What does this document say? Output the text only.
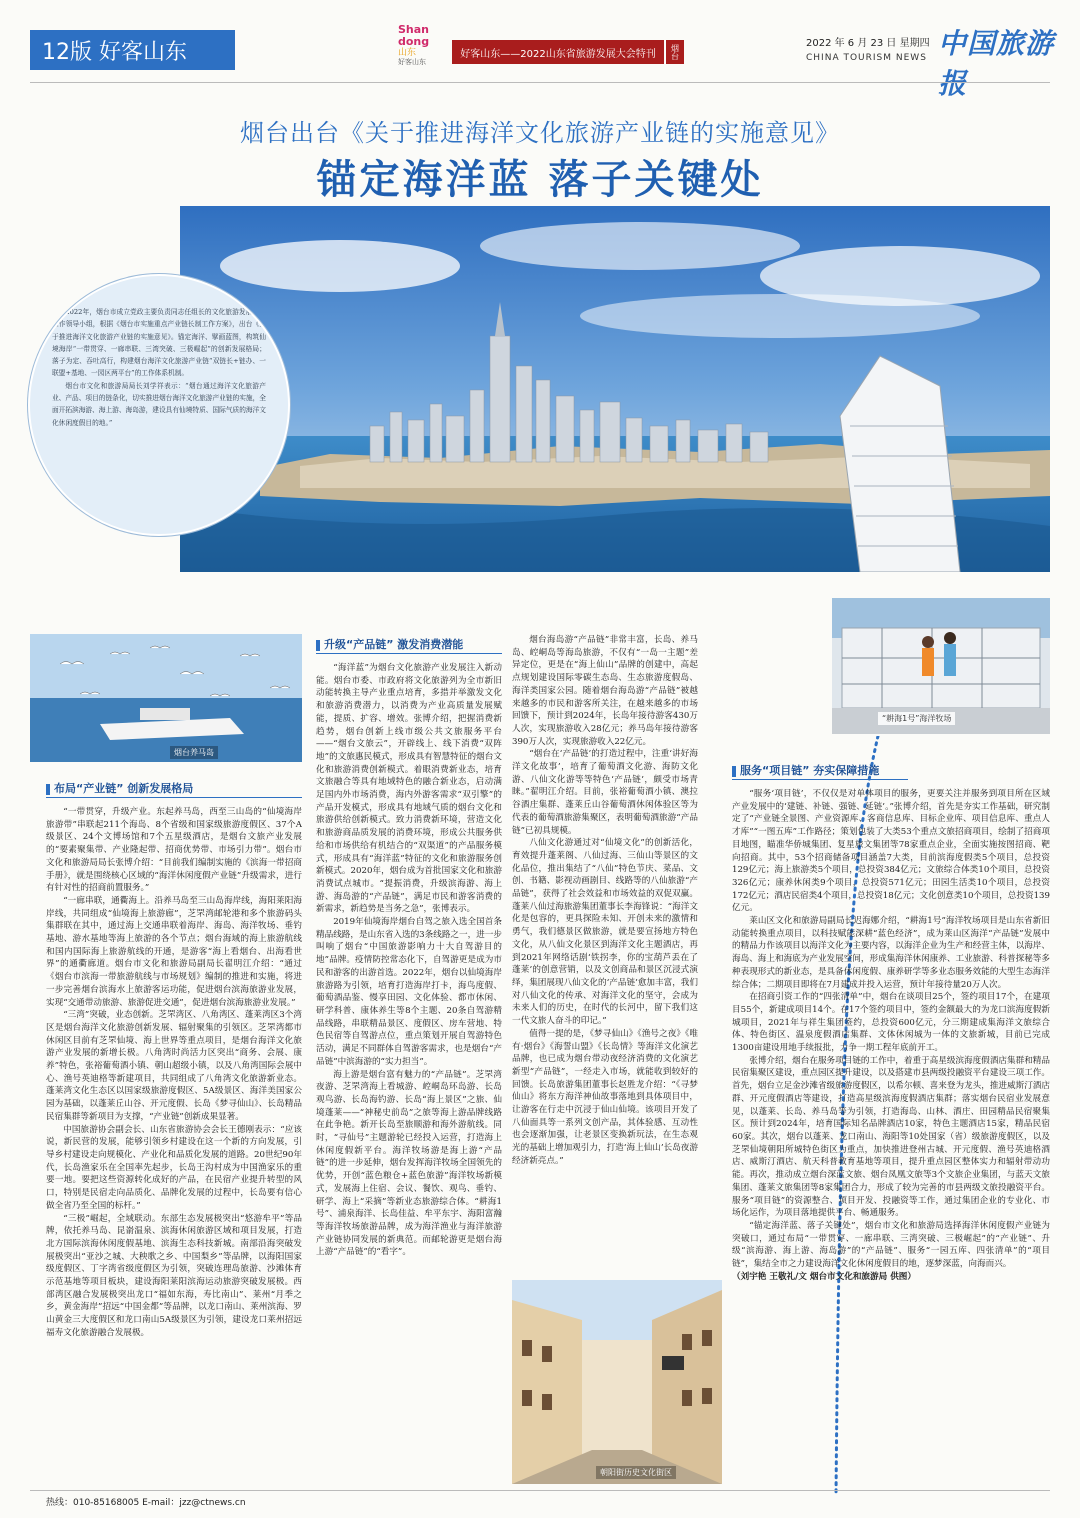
12版 好客山东
Shan
dong
山东
好客山东
好客山东——2022山东省旅游发展大会特刊	烟台
2022 年 6 月 23 日 星期四
CHINA TOURISM NEWS 中国旅游报
烟台出台《关于推进海洋文化旅游产业链的实施意见》
锚定海洋蓝 落子关键处

2022年，烟台市成立党政主要负责同志任组长的文化旅游发展推进工作领导小组，根据《烟台市实施重点产业链长制工作方案》，出台《关于推进海洋文化旅游产业链的实施意见》。锚定海洋、擘画蓝图，构筑仙境海岸“一带贯穿、一廊串联、三湾突破、三极崛起”的创新发展格局；落子为定、吞吐高行，构建烟台海洋文化旅游产业链“双链长+链办、一联盟+基地、一园区两平台”的工作体系机制。

烟台市文化和旅游局局长刘学祥表示：“烟台通过海洋文化旅游产业、产品、项目的链条化，切实推进烟台海洋文化旅游产业链的实施，全面开拓滨海游、海上游、海岛游，建设具有仙境特质、国际气质的海洋文化休闲度假目的地。”

烟台养马岛
布局“产业链” 创新发展格局

“一带贯穿，升级产业。东起养马岛，西至三山岛的“仙境海岸旅游带”串联起211个海岛、8个省级和国家级旅游度假区、37个A级景区、24个文博场馆和7个五星级酒店，是烟台文旅产业发展的“要素聚集带、产业隆起带、招商优势带、市场引力带”。烟台市文化和旅游局局长张博介绍：“目前我们编制实施的《滨海一带招商手册》，就是围绕核心区域的“海洋休闲度假产业链”升级需求，进行有针对性的招商前置服务。”

“一廊串联，通衢海上。沿养马岛至三山岛海岸线，海阳莱阳海岸线，共同组成“仙境海上旅游廊”，芝罘湾邮轮港和多个旅游码头集群联在其中，通过海上交通串联着海岸、海岛、海洋牧场、垂钓基地、游水基地等海上旅游的各个节点；烟台海域的海上旅游航线和国内国际海上旅游航线的开通，是游客“海上看烟台、出海看世界”的通衢廊道。烟台市文化和旅游局副局长翟明江介绍：“通过《烟台市滨海一带旅游航线与市场规划》编制的推进和实施，将进一步完善烟台滨海水上旅游客运功能，促进烟台滨海旅游业发展，实现“交通带动旅游、旅游促进交通”，促进烟台滨海旅游业发展。”

“三湾”突破，业态创新。芝罘湾区、八角湾区、蓬莱湾区3个湾区是烟台海洋文化旅游创新发展、辐射聚集的引领区。芝罘湾都市休闲区目前有芝罘仙境、海上世界等重点项目，是烟台海洋文化旅游产业发展的新增长极。八角湾时尚活力区突出“商务、会展、康养”特色，张裕葡萄酒小镇、朝山超级小镇，以及八角湾国际会展中心、渔号英迪格等新建项目，共同组成了八角湾文化旅游新业态。蓬莱湾文化生态区以国家级旅游度假区、5A级景区、海洋美国家公园为基础，以蓬莱丘山谷、开元度假、长岛《梦寻仙山》、长岛精品民宿集群等新项目为支撑，“产业链”创新成果显著。

中国旅游协会副会长、山东省旅游协会会长王德刚表示：“应该说，新民营的发展，能够引领乡村建设在这一个新的方向发展，引导乡村建设走向规模化、产业化和品质化发展的道路。20世纪90年代，长岛渔家乐在全国率先起步，长岛王沟村成为中国渔家乐的重要一地。要把这些资源转化成好的产品，在民宿产业提升转型的风口，特别是民宿走向品质化、品牌化发展的过程中，长岛要有信心做全省乃至全国的标杆。”

“三极”崛起，全域联动。东部生态发展极突出“悠游牟平”等品牌，依托养马岛、昆嵛温泉、滨海休闲旅游区域和项目发展，打造北方国际滨海休闲度假基地、滨海生态科技新城。南部沿海突破发展极突出“亚沙之城、大秧歌之乡、中国梨乡”等品牌，以海阳国家级度假区、丁字湾省级度假区为引领，突破连理岛旅游、沙滩体育示范基地等项目板块，建设海阳莱阳滨海运动旅游突破发展极。西部湾区融合发展极突出龙口“福如东海，寿比南山”、莱州“月季之乡，黄金海岸”招远“中国金都”等品牌，以龙口南山、莱州滨海、罗山黄金三大度假区和龙口南山5A级景区为引领，建设龙口莱州招远福寿文化旅游融合发展极。

升级“产品链” 激发消费潜能

“海洋蓝”为烟台文化旅游产业发展注入新动能。烟台市委、市政府将文化旅游列为全市新旧动能转换主导产业重点培育，多措并举激发文化和旅游消费潜力，以消费为产业高质量发展赋能，提质、扩容、增效。张博介绍，把握消费新趋势，烟台创新上线市级公共文旅服务平台——“烟台文旅云”，开辟线上、线下消费“双阵地”的文旅惠民模式，形成具有智慧特征的烟台文化和旅游消费创新模式。着眼消费新业态，培育文旅融合等具有地域特色的融合新业态，启动满足国内外市场消费，海内外游客需求“双引擎”的产品开发模式，形成具有地域气质的烟台文化和旅游供给创新模式。致力消费新环境，营造文化和旅游商品质发展的消费环境，形成公共服务供给和市场供给有机结合的“双渠道”的产品服务模式，形成具有“海洋蓝”特征的文化和旅游服务创新模式。2020年，烟台成为首批国家文化和旅游消费试点城市。“提振消费，升级滨海游、海上游、海岛游的“产品链”，满足市民和游客消费的新需求，新趋势是当务之急”，张博表示。

2019年仙境海岸烟台自驾之旅入选全国首条精品线路，是山东省入选的3条线路之一，进一步叫响了烟台“中国旅游影响力十大自驾游目的地”品牌。疫情防控常态化下，自驾游更是成为市民和游客的出游首选。2022年，烟台以仙境海岸旅游路为引领，培育打造海岸打卡，海鸟度假、葡萄酒品鉴、慢享田园、文化体验、都市休闲、研学科普、康体养生等8个主题、20条自驾游精品线路，串联精品景区、度假区、房车营地、特色民宿等自驾游点位，重点策划开展自驾游特色活动，满足不同群体自驾游客需求，也是烟台“产品链”中滨海游的“实力担当”。

海上游是烟台富有魅力的“产品链”。芝罘湾夜游、芝罘湾海上看城游、崆峒岛环岛游、长岛观鸟游、长岛海钓游、长岛“海上景区”之旅、仙境蓬莱——“神秘史前岛”之旅等海上游品牌线路在此争艳。新开长岛至旅顺游和海外游航线。同时，“寻仙号”主题游轮已经投入运营，打造海上休闲度假新平台。海洋牧场游是海上游“产品链”的进一步延伸，烟台发挥海洋牧场全国领先的优势，开创“蓝色粮仓+蓝色旅游”海洋牧场新模式，发展海上住宿、会议、餐饮、观鸟、垂钓、研学、海上“采摘”等新业态旅游综合体。“耕海1号”、浦泉海洋、长岛佳益、牟平东宇、海阳富瀚等海洋牧场旅游品牌，成为海洋渔业与海洋旅游产业链协同发展的新典范。而邮轮游更是烟台海上游“产品链”的“看字”。

烟台海岛游“产品链”非常丰富，长岛、养马岛、崆峒岛等海岛旅游，不仅有“一岛一主题”差异定位，更是在“海上仙山”品牌的创建中，高起点规划建设国际零碳生态岛、生态旅游度假岛、海洋类国家公园。随着烟台海岛游“产品链”被越来越多的市民和游客所关注，在越来越多的市场回馈下，预计到2024年，长岛年接待游客430万人次，实现旅游收入28亿元；养马岛年接待游客390万人次，实现旅游收入22亿元。

“烟台在‘产品链’的打造过程中，注重‘讲好海洋文化故事’，培育了葡萄酒文化游、海防文化游、八仙文化游等等特色‘产品链’，颇受市场青睐。”翟明江介绍。目前，张裕葡萄酒小镇、澳拉谷酒庄集群、蓬莱丘山谷葡萄酒休闲体验区等为代表的葡萄酒旅游集聚区，表明葡萄酒旅游“产品链”已初具规模。

八仙文化游通过对“仙境文化”的创新活化，育效提升蓬莱阁、八仙过海、三仙山等景区的文化品位，推出集结了“八仙”特色节庆、菜品、文创、书籍、影视动画剧目、线路等的八仙旅游“产品链”，获得了社会效益和市场效益的双促双赢。蓬莱八仙过海旅游集团董事长李海锋说：“海洋文化是包容的，更具探险未知、开创未来的激情和勇气，我们德景区做旅游，就是要宣扬地方特色文化，从八仙文化景区到海洋文化主题酒店，再到2021年网络话剧‘铁拐李，你的宝葫芦丢在了蓬莱’的创意营销，以及文创商品和景区沉浸式演绎，集团展现八仙文化的‘产品链’愈加丰富，我们对八仙文化的传承、对海洋文化的坚守，会成为未来人们的历史，在时代的长河中，留下我们这一代文旅人奋斗的印记。”

值得一提的是，《梦寻仙山》《渔号之夜》《唯有·烟台》《海誓山盟》《长岛情》等海洋文化演艺品牌，也已成为烟台带动夜经济消费的文化演艺新型“产品链”，一经走入市场，就能收到较好的回馈。长岛旅游集团董事长赵胜龙介绍：“《寻梦仙山》将东方海洋神仙故事落地到具体项目中，让游客在行走中沉浸于仙山仙境。该项目开发了八仙面具等一系列文创产品，其体验感、互动性也会逐渐加强，让老景区变换新玩法，在生态观光的基础上增加观引力，打造‘海上仙山’长岛夜游经济新亮点。”

“耕海1号”海洋牧场
服务“项目链” 夯实保障措施

“服务‘项目链’，不仅仅是对单体项目的服务，更要关注并服务到项目所在区域产业发展中的‘建链、补链、强链、延链’。”张博介绍，首先是夯实工作基础，研究制定了“产业链全景图、产业资源库、客商信息库、目标企业库、项目信息库、重点人才库”“一图五库”工作路径；策划包装了大类53个重点文旅招商项目，绘制了招商项目地图，瞄准华侨城集团、复星旅文集团等78家重点企业，全面实施按图招商、靶向招商。其中，53个招商储备项目涵盖7大类，目前滨海度假类5个项目，总投资129亿元；海上旅游类5个项目，总投资384亿元；文旅综合体类10个项目，总投资326亿元；康养休闲类9个项目，总投资571亿元；田园生活类10个项目，总投资172亿元；酒店民宿类4个项目，总投资18亿元；文化创意类10个项目，总投资139亿元。

莱山区文化和旅游局副局长迟海娜介绍，“耕海1号”海洋牧场项目是山东省新旧动能转换重点项目，以科技赋能深耕“蓝色经济”，成为莱山区海洋“产品链”发展中的精品力作该项目以海洋文化为主要内容，以海洋企业为生产和经营主体，以海岸、海岛、海上和海底为产业发展空间，形成集海洋休闲康养、工业旅游、科普探秘等多种表现形式的新业态，是具备休闲度假、康养研学等多业态服务效能的大型生态海洋综合体；二期项目即将在7月建成并投入运营，预计年接待量20万人次。

在招商引资工作的“四张清单”中，烟台在谈项目25个，签约项目17个，在建项目55个，新建成项目14个。在17个签约项目中，签约金额最大的为龙口滨海度假新城项目，2021年与祥生集团签约，总投资600亿元，分三期建成集海洋文旅综合体、特色街区、温泉度假酒店集群、文体休闲城为一体的文旅新城，目前已完成1300亩建设用地手续报批，力争一期工程年底前开工。

张博介绍，烟台在服务项目链的工作中，着重于高星级滨海度假酒店集群和精品民宿集聚区建设，重点园区提升建设，以及搭建市县两级投融资平台建设三项工作。首先，烟台立足金沙滩省级旅游度假区，以希尔顿、喜来登为龙头，推进威斯汀酒店群、开元度假酒店等建设，打造高星级滨海度假酒店集群；落实烟台民宿业发展意见，以蓬莱、长岛、养马岛等为引领，打造海岛、山林、酒庄、田园精品民宿聚集区。预计到2024年，培育国际知名品牌酒店10家，特色主题酒店15家，精品民宿60家。其次，烟台以蓬莱、龙口南山、海阳等10处国家（省）级旅游度假区，以及芝罘仙境朝阳所城特色街区为重点，加快推进登州古城、开元度假、渔号英迪格酒店、威斯汀酒店、航天科普教育基地等项目，提升重点园区整体实力和辐射带动功能。再次，推动成立烟台深蓝文旅、烟台凤凰文旅等3个文旅企业集团，与蓝天文旅集团、蓬莱文旅集团等8家集团合力，形成了较为完善的市县两级文旅投融资平台。服务“项目链”的资源整合、项目开发、投融资等工作，通过集团企业的专业化、市场化运作，为项目落地提供平台、畅通服务。

“锚定海洋蓝、落子关键处”，烟台市文化和旅游局选择海洋休闲度假产业链为突破口，通过布局“一带贯穿、一廊串联、三湾突破、三极崛起”的“产业链”、升级“滨海游、海上游、海岛游”的“产品链”、服务“一园五库、四张清单”的“项目链”，集结全市之力建设海洋文化休闲度假目的地，逐梦深蓝，向海而兴。

（刘宇艳 王敬礼/文 烟台市文化和旅游局 供图）

朝阳街历史文化街区
热线：010-85168005 E-mail：jzz@ctnews.cn
